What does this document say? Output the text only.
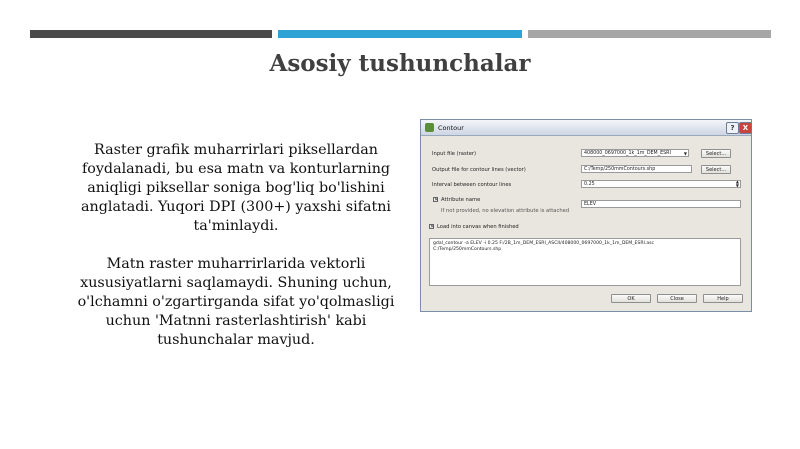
Asosiy tushunchalar

Raster grafik muharrirlari piksellardan foydalanadi, bu esa matn va konturlarning aniqligi piksellar soniga bog'liq bo'lishini anglatadi. Yuqori DPI (300+) yaxshi sifatni ta'minlaydi.

Matn raster muharrirlarida vektorli xususiyatlarni saqlamaydi. Shuning uchun, o'lchamni o'zgartirganda sifat yo'qolmasligi uchun 'Matnni rasterlashtirish' kabi tushunchalar mavjud.

Contour	?	X
Input file (raster)	408000_0697000_1k_1m_DEM_ESRI	▼	Select...
Output file for contour lines (vector)	C:/Temp/250mmContours.shp	Select...
Interval between contour lines	0.25
▲
▼
✕ Attribute name
ELEV
If not provided, no elevation attribute is attached
✕ Load into canvas when finished
gdal_contour -a ELEV -i 0.25 F:/2B_1m_DEM_ESRI_ASCII/408000_0697000_1k_1m_DEM_ESRI.asc
C:/Temp/250mmContours.shp
OK	Close	Help
